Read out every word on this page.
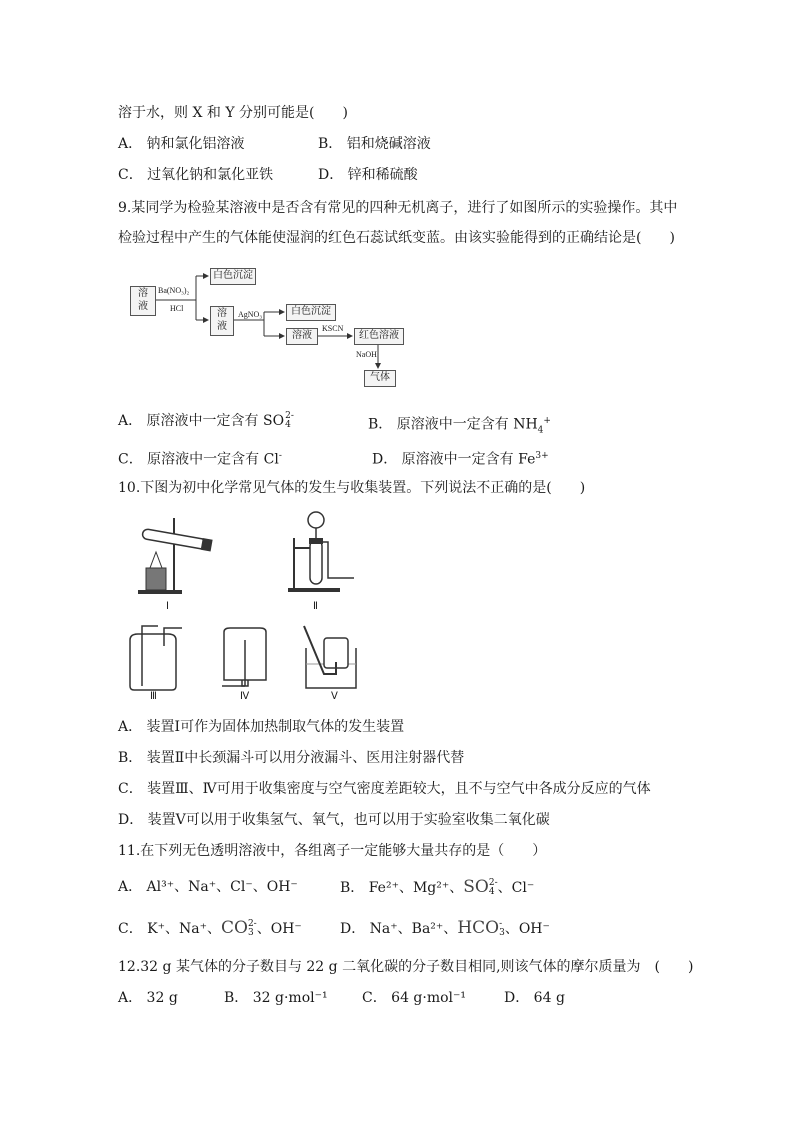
溶于水，则 X 和 Y 分别可能是(　　)
A． 钠和氯化铝溶液	B． 铝和烧碱溶液
C． 过氧化钠和氯化亚铁	D． 锌和稀硫酸
9.某同学为检验某溶液中是否含有常见的四种无机离子，进行了如图所示的实验操作。其中
检验过程中产生的气体能使湿润的红色石蕊试纸变蓝。由该实验能得到的正确结论是(　　)
溶
液
Ba(NO₃)₂
HCl
白色沉淀
溶
液
AgNO₃	白色沉淀
溶液
KSCN
红色溶液
NaOH
气体
A． 原溶液中一定含有 SO 2-
4	B． 原溶液中一定含有 $NH_4^+$
C． 原溶液中一定含有 Cl-	D． 原溶液中一定含有 $Fe^{3+}$
10.下图为初中化学常见气体的发生与收集装置。下列说法不正确的是(　　)
Ⅰ	Ⅱ
Ⅲ	Ⅳ	Ⅴ
A． 装置Ⅰ可作为固体加热制取气体的发生装置
B． 装置Ⅱ中长颈漏斗可以用分液漏斗、医用注射器代替
C． 装置Ⅲ、Ⅳ可用于收集密度与空气密度差距较大，且不与空气中各成分反应的气体
D． 装置Ⅴ可以用于收集氢气、氧气，也可以用于实验室收集二氧化碳
11.在下列无色透明溶液中，各组离子一定能够大量共存的是（　　）
A． Al³⁺、Na⁺、Cl⁻、OH⁻	B． Fe²⁺、Mg²⁺、SO 2-
4 、Cl⁻
C． K⁺、Na⁺、CO 2-
3 、OH⁻	D． Na⁺、Ba²⁺、HCO -
3 、OH⁻
12.32 g 某气体的分子数目与 22 g 二氧化碳的分子数目相同,则该气体的摩尔质量为　(　　)
A． 32 g	B． 32 g·mol⁻¹ C． 64 g·mol⁻¹	D． 64 g
